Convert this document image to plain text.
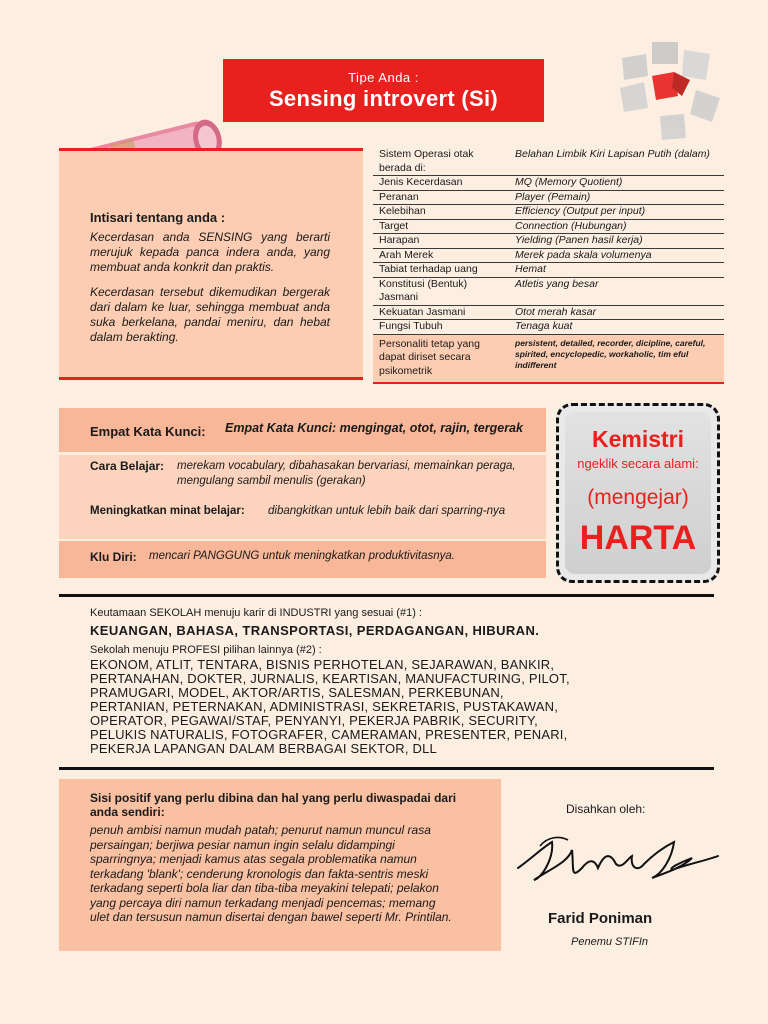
Tipe Anda :
Sensing introvert (Si)
Intisari tentang anda :
Kecerdasan anda SENSING yang berarti merujuk kepada panca indera anda, yang membuat anda konkrit dan praktis.
Kecerdasan tersebut dikemudikan bergerak dari dalam ke luar, sehingga membuat anda suka berkelana, pandai meniru, dan hebat dalam berakting.
Sistem Operasi otak berada di:	Belahan Limbik Kiri Lapisan Putih (dalam)
Jenis Kecerdasan	MQ (Memory Quotient)
Peranan	Player (Pemain)
Kelebihan	Efficiency (Output per input)
Target	Connection (Hubungan)
Harapan	Yielding (Panen hasil kerja)
Arah Merek	Merek pada skala volumenya
Tabiat terhadap uang	Hemat
Konstitusi (Bentuk) Jasmani	Atletis yang besar
Kekuatan Jasmani	Otot merah kasar
Fungsi Tubuh	Tenaga kuat
Personaliti tetap yang dapat diriset secara psikometrik	persistent, detailed, recorder, dicipline, careful, spirited, encyclopedic, workaholic, tim eful indifferent
Empat Kata Kunci: Empat Kata Kunci: mengingat, otot, rajin, tergerak
Cara Belajar: merekam vocabulary, dibahasakan bervariasi, memainkan peraga, mengulang sambil menulis (gerakan)
Meningkatkan minat belajar: dibangkitkan untuk lebih baik dari sparring-nya
Klu Diri: mencari PANGGUNG untuk meningkatkan produktivitasnya.
Kemistri
ngeklik secara alami:
(mengejar)
HARTA
Keutamaan SEKOLAH menuju karir di INDUSTRI yang sesuai (#1) :
KEUANGAN, BAHASA, TRANSPORTASI, PERDAGANGAN, HIBURAN.
Sekolah menuju PROFESI pilihan lainnya (#2) :
EKONOM, ATLIT, TENTARA, BISNIS PERHOTELAN, SEJARAWAN, BANKIR,
PERTANAHAN, DOKTER, JURNALIS, KEARTISAN, MANUFACTURING, PILOT,
PRAMUGARI, MODEL, AKTOR/ARTIS, SALESMAN, PERKEBUNAN,
PERTANIAN, PETERNAKAN, ADMINISTRASI, SEKRETARIS, PUSTAKAWAN,
OPERATOR, PEGAWAI/STAF, PENYANYI, PEKERJA PABRIK, SECURITY,
PELUKIS NATURALIS, FOTOGRAFER, CAMERAMAN, PRESENTER, PENARI,
PEKERJA LAPANGAN DALAM BERBAGAI SEKTOR, DLL
Sisi positif yang perlu dibina dan hal yang perlu diwaspadai dari anda sendiri:
penuh ambisi namun mudah patah; penurut namun muncul rasa persaingan; berjiwa pesiar namun ingin selalu didampingi sparringnya; menjadi kamus atas segala problematika namun terkadang 'blank'; cenderung kronologis dan fakta-sentris meski terkadang seperti bola liar dan tiba-tiba meyakini telepati; pelakon yang percaya diri namun terkadang menjadi pencemas; memang ulet dan tersusun namun disertai dengan bawel seperti Mr. Printilan.
Disahkan oleh:
Farid Poniman
Penemu STIFIn
